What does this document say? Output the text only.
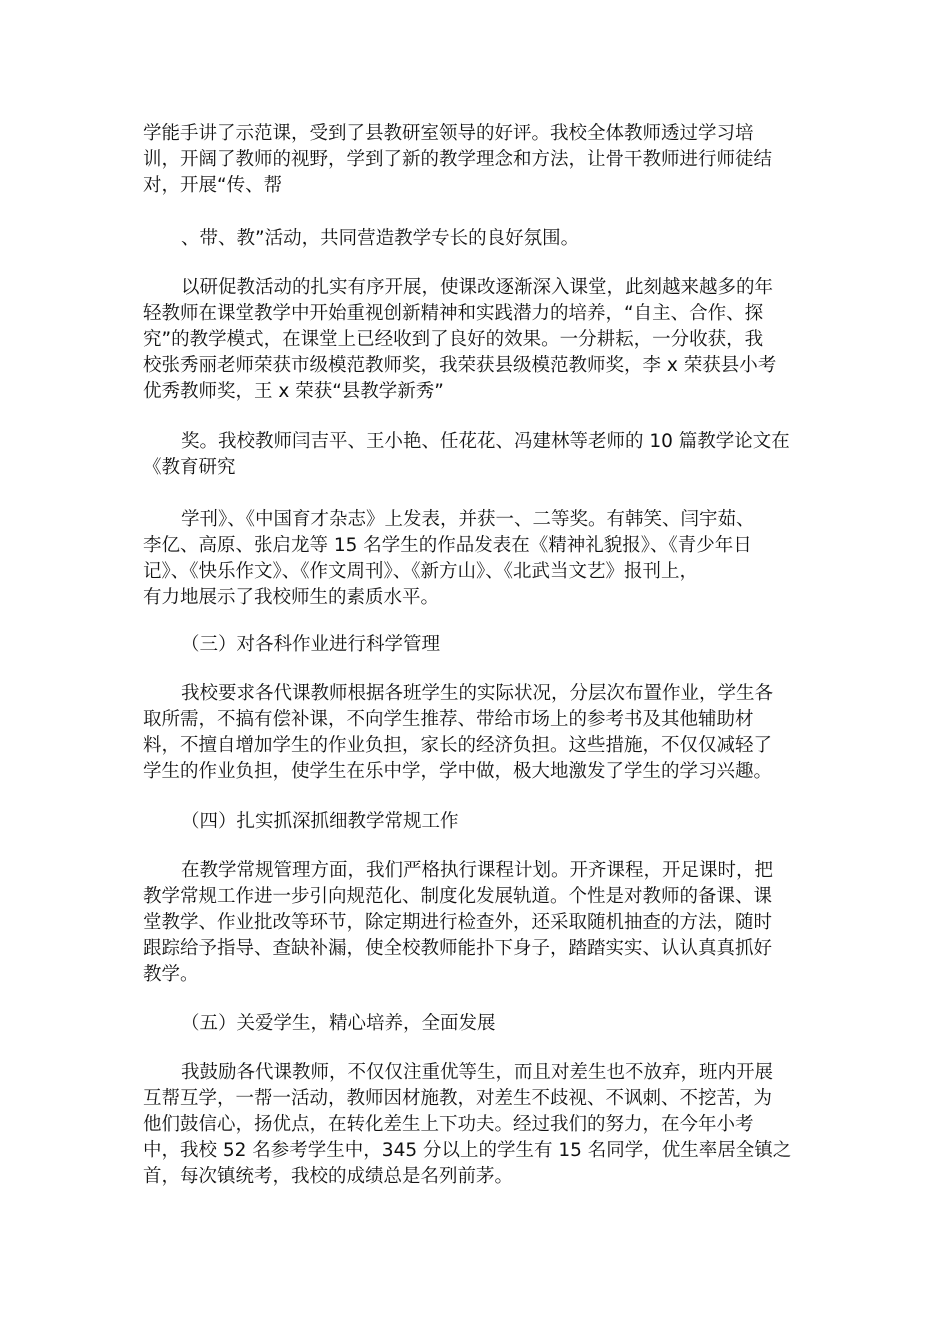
学能手讲了示范课，受到了县教研室领导的好评。我校全体教师透过学习培
训，开阔了教师的视野，学到了新的教学理念和方法，让骨干教师进行师徒结
对，开展“传、帮

、带、教”活动，共同营造教学专长的良好氛围。

以研促教活动的扎实有序开展，使课改逐渐深入课堂，此刻越来越多的年
轻教师在课堂教学中开始重视创新精神和实践潜力的培养，“自主、合作、探
究”的教学模式，在课堂上已经收到了良好的效果。一分耕耘，一分收获，我
校张秀丽老师荣获市级模范教师奖，我荣获县级模范教师奖，李 x 荣获县小考
优秀教师奖，王 x 荣获“县教学新秀”

奖。我校教师闫吉平、王小艳、任花花、冯建林等老师的 10 篇教学论文在
《教育研究

学刊》、《中国育才杂志》上发表，并获一、二等奖。有韩笑、闫宇茹、
李亿、高原、张启龙等 15 名学生的作品发表在《精神礼貌报》、《青少年日
记》、《快乐作文》、《作文周刊》、《新方山》、《北武当文艺》报刊上，
有力地展示了我校师生的素质水平。

（三）对各科作业进行科学管理

我校要求各代课教师根据各班学生的实际状况，分层次布置作业，学生各
取所需，不搞有偿补课，不向学生推荐、带给市场上的参考书及其他辅助材
料，不擅自增加学生的作业负担，家长的经济负担。这些措施，不仅仅减轻了
学生的作业负担，使学生在乐中学，学中做，极大地激发了学生的学习兴趣。

（四）扎实抓深抓细教学常规工作

在教学常规管理方面，我们严格执行课程计划。开齐课程，开足课时，把
教学常规工作进一步引向规范化、制度化发展轨道。个性是对教师的备课、课
堂教学、作业批改等环节，除定期进行检查外，还采取随机抽查的方法，随时
跟踪给予指导、查缺补漏，使全校教师能扑下身子，踏踏实实、认认真真抓好
教学。

（五）关爱学生，精心培养，全面发展

我鼓励各代课教师，不仅仅注重优等生，而且对差生也不放弃，班内开展
互帮互学，一帮一活动，教师因材施教，对差生不歧视、不讽刺、不挖苦，为
他们鼓信心，扬优点，在转化差生上下功夫。经过我们的努力，在今年小考
中，我校 52 名参考学生中，345 分以上的学生有 15 名同学，优生率居全镇之
首，每次镇统考，我校的成绩总是名列前茅。
